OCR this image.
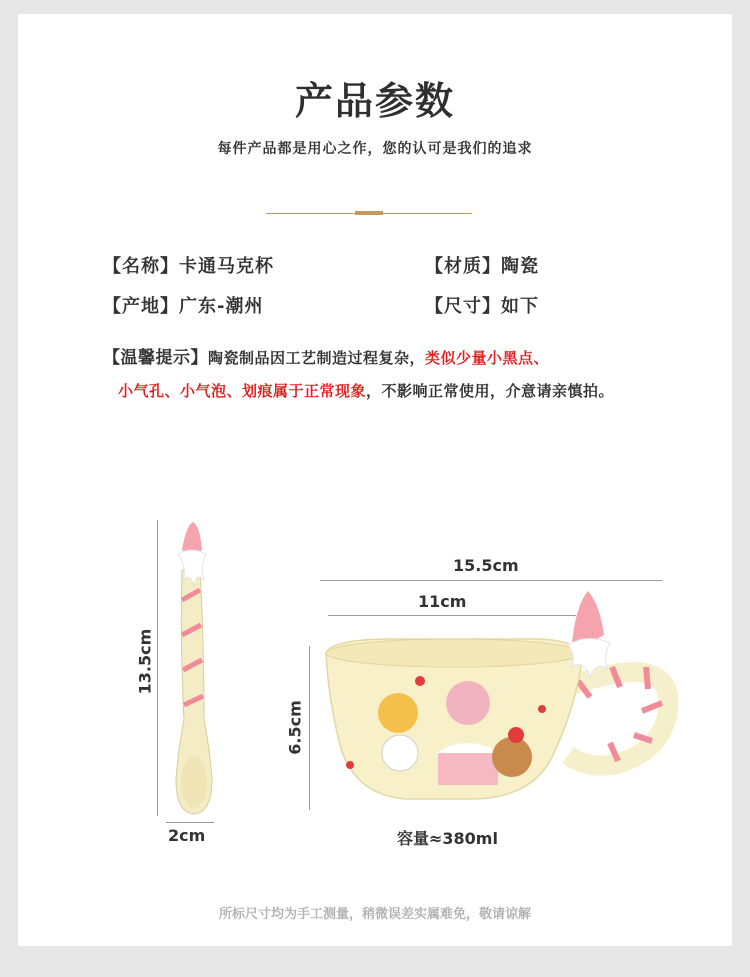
产品参数
每件产品都是用心之作，您的认可是我们的追求
【名称】卡通马克杯	【材质】陶瓷
【产地】广东-潮州	【尺寸】如下
【温馨提示】陶瓷制品因工艺制造过程复杂，类似少量小黑点、
小气孔、小气泡、划痕属于正常现象，不影响正常使用，介意请亲慎拍。
13.5cm
2cm
15.5cm
11cm
6.5cm
容量≈380ml
所标尺寸均为手工测量，稍微误差实属难免，敬请谅解
